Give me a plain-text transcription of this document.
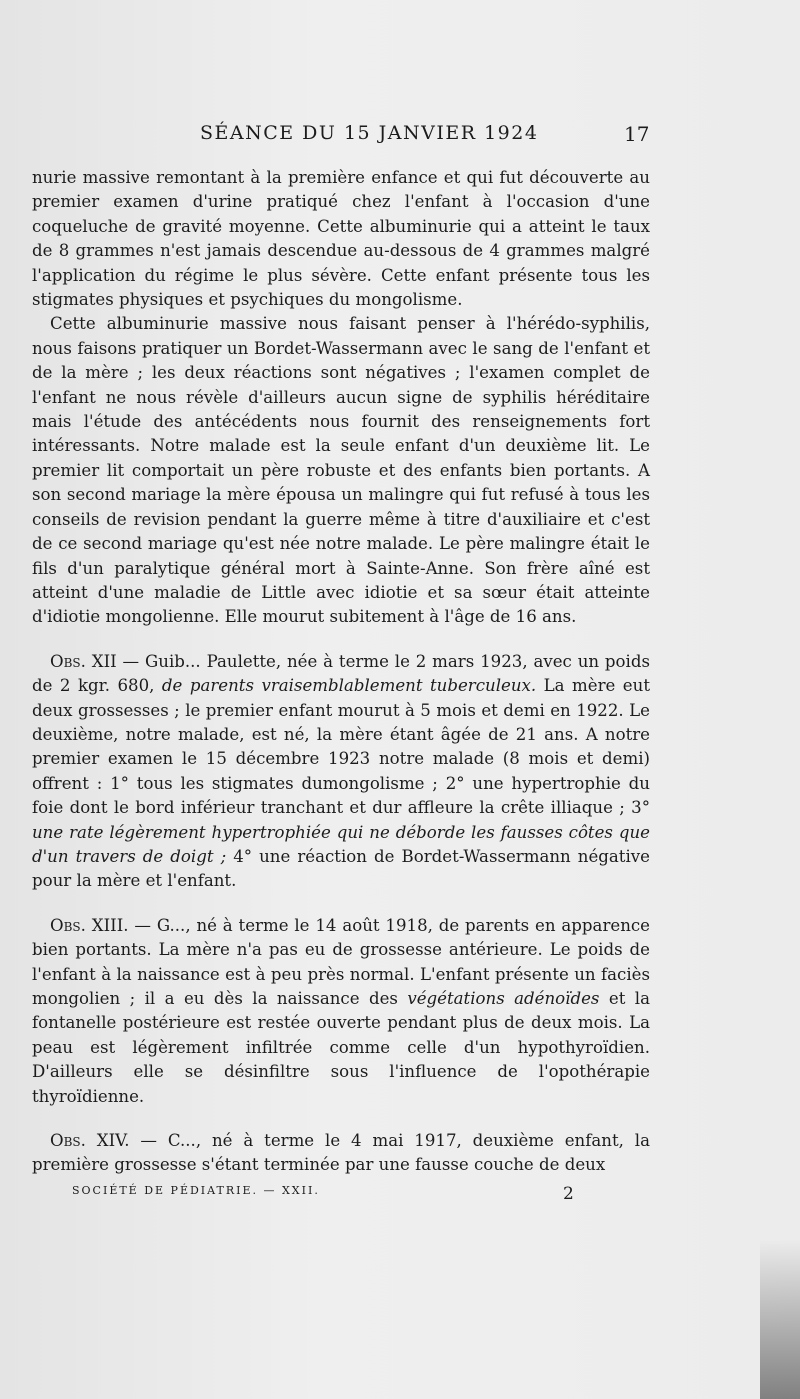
SÉANCE DU 15 JANVIER 1924	17

nurie massive remontant à la première enfance et qui fut découverte au premier examen d'urine pratiqué chez l'enfant à l'occasion d'une coqueluche de gravité moyenne. Cette albuminurie qui a atteint le taux de 8 grammes n'est jamais descendue au-dessous de 4 grammes malgré l'application du régime le plus sévère. Cette enfant présente tous les stigmates physiques et psychiques du mongolisme.

Cette albuminurie massive nous faisant penser à l'hérédo-syphilis, nous faisons pratiquer un Bordet-Wassermann avec le sang de l'enfant et de la mère ; les deux réactions sont négatives ; l'examen complet de l'enfant ne nous révèle d'ailleurs aucun signe de syphilis héréditaire mais l'étude des antécédents nous fournit des renseignements fort intéressants. Notre malade est la seule enfant d'un deuxième lit. Le premier lit comportait un père robuste et des enfants bien portants. A son second mariage la mère épousa un malingre qui fut refusé à tous les conseils de revision pendant la guerre même à titre d'auxiliaire et c'est de ce second mariage qu'est née notre malade. Le père malingre était le fils d'un paralytique général mort à Sainte-Anne. Son frère aîné est atteint d'une maladie de Little avec idiotie et sa sœur était atteinte d'idiotie mongolienne. Elle mourut subitement à l'âge de 16 ans.

Obs. XII — Guib... Paulette, née à terme le 2 mars 1923, avec un poids de 2 kgr. 680, de parents vraisemblablement tuberculeux. La mère eut deux grossesses ; le premier enfant mourut à 5 mois et demi en 1922. Le deuxième, notre malade, est né, la mère étant âgée de 21 ans. A notre premier examen le 15 décembre 1923 notre malade (8 mois et demi) offrent : 1° tous les stigmates dumongolisme ; 2° une hypertrophie du foie dont le bord inférieur tranchant et dur affleure la crête illiaque ; 3° une rate légèrement hypertrophiée qui ne déborde les fausses côtes que d'un travers de doigt ; 4° une réaction de Bordet-Wassermann négative pour la mère et l'enfant.

Obs. XIII. — G..., né à terme le 14 août 1918, de parents en apparence bien portants. La mère n'a pas eu de grossesse antérieure. Le poids de l'enfant à la naissance est à peu près normal. L'enfant présente un faciès mongolien ; il a eu dès la naissance des végétations adénoïdes et la fontanelle postérieure est restée ouverte pendant plus de deux mois. La peau est légèrement infiltrée comme celle d'un hypothyroïdien. D'ailleurs elle se désinfiltre sous l'influence de l'opothérapie thyroïdienne.

Obs. XIV. — C..., né à terme le 4 mai 1917, deuxième enfant, la première grossesse s'étant terminée par une fausse couche de deux

SOCIÉTÉ DE PÉDIATRIE. — XXII.	2
